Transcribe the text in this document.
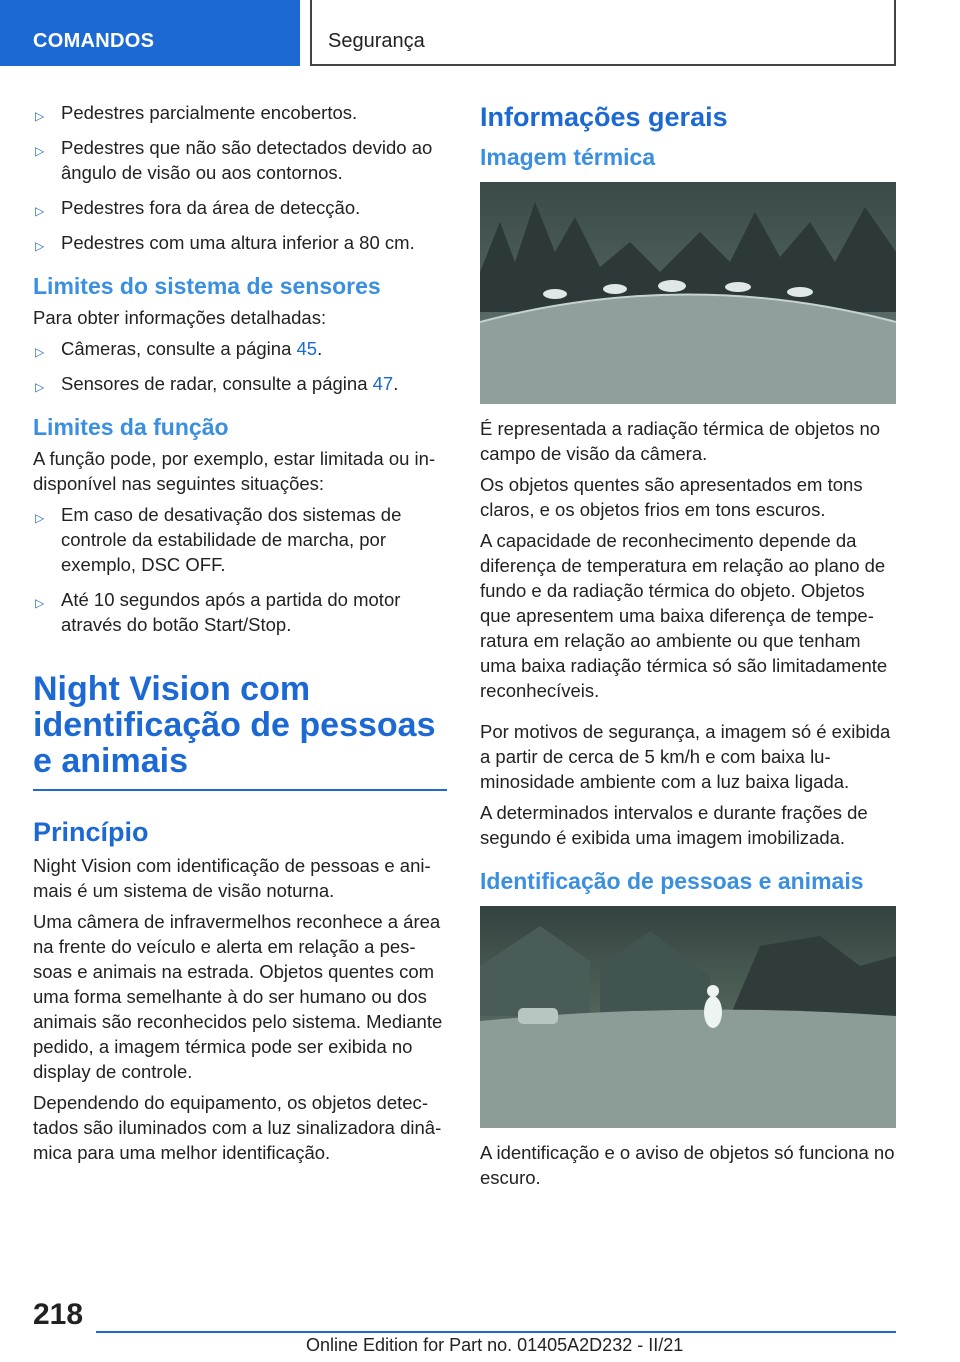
COMANDOS	Segurança
▷ Pedestres parcialmente encobertos.
▷ Pedestres que não são detectados devido ao ângulo de visão ou aos contornos.
▷ Pedestres fora da área de detecção.
▷ Pedestres com uma altura inferior a 80 cm.
Limites do sistema de sensores

Para obter informações detalhadas:

▷ Câmeras, consulte a página 45.
▷ Sensores de radar, consulte a página 47.
Limites da função

A função pode, por exemplo, estar limitada ou indisponível nas seguintes situações:

▷ Em caso de desativação dos sistemas de controle da estabilidade de marcha, por exemplo, DSC OFF.
▷ Até 10 segundos após a partida do motor através do botão Start/Stop.
Night Vision com identificação de pessoas e animais
Princípio

Night Vision com identificação de pessoas e animais é um sistema de visão noturna.

Uma câmera de infravermelhos reconhece a área na frente do veículo e alerta em relação a pessoas e animais na estrada. Objetos quentes com uma forma semelhante à do ser humano ou dos animais são reconhecidos pelo sistema. Mediante pedido, a imagem térmica pode ser exibida no display de controle.

Dependendo do equipamento, os objetos detectados são iluminados com a luz sinalizadora dinâmica para uma melhor identificação.

Informações gerais
Imagem térmica

É representada a radiação térmica de objetos no campo de visão da câmera.

Os objetos quentes são apresentados em tons claros, e os objetos frios em tons escuros.

A capacidade de reconhecimento depende da diferença de temperatura em relação ao plano de fundo e da radiação térmica do objeto. Objetos que apresentem uma baixa diferença de temperatura em relação ao ambiente ou que tenham uma baixa radiação térmica só são limitadamente reconhecíveis.

Por motivos de segurança, a imagem só é exibida a partir de cerca de 5 km/h e com baixa luminosidade ambiente com a luz baixa ligada.

A determinados intervalos e durante frações de segundo é exibida uma imagem imobilizada.

Identificação de pessoas e animais

A identificação e o aviso de objetos só funciona no escuro.

218
Online Edition for Part no. 01405A2D232 - II/21
